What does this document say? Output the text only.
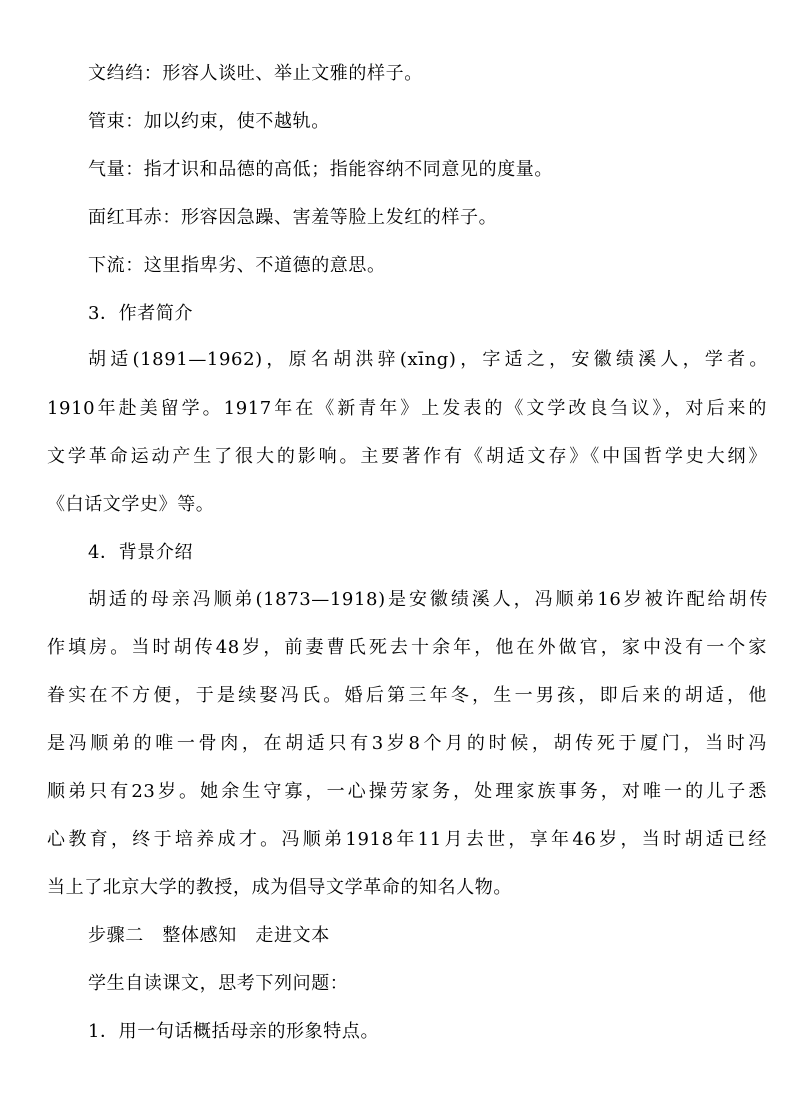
文绉绉：形容人谈吐、举止文雅的样子。
管束：加以约束，使不越轨。
气量：指才识和品德的高低；指能容纳不同意见的度量。
面红耳赤：形容因急躁、害羞等脸上发红的样子。
下流：这里指卑劣、不道德的意思。
3．作者简介
胡适(1891—1962)，原名胡洪骍(xīng)，字适之，安徽绩溪人，学者。
1910年赴美留学。1917年在《新青年》上发表的《文学改良刍议》，对后来的
文学革命运动产生了很大的影响。主要著作有《胡适文存》《中国哲学史大纲》
《白话文学史》等。
4．背景介绍
胡适的母亲冯顺弟(1873—1918)是安徽绩溪人，冯顺弟16岁被许配给胡传
作填房。当时胡传48岁，前妻曹氏死去十余年，他在外做官，家中没有一个家
眷实在不方便，于是续娶冯氏。婚后第三年冬，生一男孩，即后来的胡适，他
是冯顺弟的唯一骨肉，在胡适只有3岁8个月的时候，胡传死于厦门，当时冯
顺弟只有23岁。她余生守寡，一心操劳家务，处理家族事务，对唯一的儿子悉
心教育，终于培养成才。冯顺弟1918年11月去世，享年46岁，当时胡适已经
当上了北京大学的教授，成为倡导文学革命的知名人物。
步骤二　整体感知　走进文本
学生自读课文，思考下列问题：
1．用一句话概括母亲的形象特点。
